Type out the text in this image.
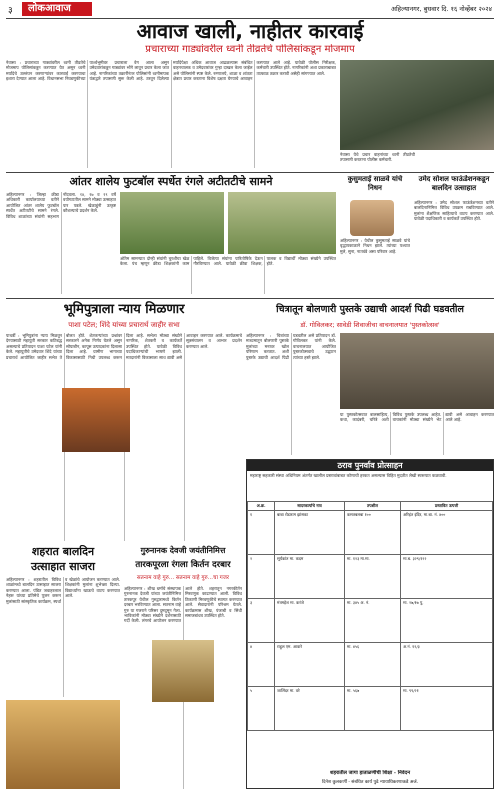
३	लोकआवाज	अहिल्यानगर, बुधवार दि. १६ नोव्हेंबर २०२४
आवाज खाली, नाहीतर कारवाई
प्रचाराच्या गाड्यांवरील ध्वनी तीव्रतेचे पोलिसांकडून मोजमाप
नेवासा : प्रचाराच्या गाड्यांवरील ध्वनी तीव्रतेचे मोजमाप पोलिसांकडून करण्यात येत असून ध्वनी मर्यादेचे उल्लंघन करणाऱ्यांवर कारवाई करण्याचा इशारा देण्यात आला आहे. विधानसभा निवडणुकीच्या पार्श्वभूमीवर प्रचाराला वेग आला असून उमेदवारांकडून गाड्यांवर भोंगे लावून प्रचार केला जात आहे. नागरिकांच्या तक्रारींनंतर पोलिसांनी ध्वनीमापक यंत्राद्वारे तपासणी सुरू केली आहे. ठरवून दिलेल्या मर्यादेपेक्षा अधिक आवाज आढळल्यास संबंधित वाहनचालक व उमेदवारांवर गुन्हा दाखल केला जाईल असे पोलिसांनी स्पष्ट केले. रुग्णालये, शाळा व शांतता क्षेत्रात प्रचार करताना विशेष दक्षता घेण्याचे आवाहन करण्यात आले आहे. यावेळी पोलीस निरीक्षक, कर्मचारी उपस्थित होते. नागरिकांनी अशा प्रकाराबाबत तात्काळ तक्रार करावी असेही सांगण्यात आले.
नेवासा येथे प्रचार वाहनांच्या ध्वनी तीव्रतेची तपासणी करताना पोलीस कर्मचारी.
आंतर शालेय फुटबॉल स्पर्धेत रंगले अटीतटीचे सामने
अहिल्यानगर : जिल्हा क्रीडा अधिकारी कार्यालयाच्या वतीने आयोजित आंतर शालेय फुटबॉल स्पर्धेत अटीतटीचे सामने रंगले. विविध शाळांच्या संघांनी सहभाग नोंदवला. १४, १७ व १९ वर्षे वयोगटातील सामने मोठ्या उत्साहात पार पडले. खेळाडूंनी उत्कृष्ट कौशल्याचे प्रदर्शन केले.
अंतिम सामन्यात दोन्ही संघांनी चुरशीचा खेळ केला. पंच म्हणून क्रीडा शिक्षकांनी काम पाहिले. विजेत्या संघांना पारितोषिके देऊन गौरविण्यात आले. यावेळी क्रीडा शिक्षक, पालक व विद्यार्थी मोठ्या संख्येने उपस्थित होते.
कुसुमताई साळवे यांचे निधन
अहिल्यानगर : येथील कुसुमताई साळवे यांचे वृद्धापकाळाने निधन झाले. त्यांच्या पश्चात मुले, सुना, नातवंडे असा परिवार आहे.
उमेद सोशल फाऊंडेशनकडून बालदिन उत्साहात
अहिल्यानगर : उमेद सोशल फाऊंडेशनच्या वतीने बालदिनानिमित्त विविध उपक्रम राबविण्यात आले. मुलांना शैक्षणिक साहित्याचे वाटप करण्यात आले. यावेळी पदाधिकारी व कार्यकर्ते उपस्थित होते.
भूमिपुत्राला न्याय मिळणार
पाशा पटेल; शिंदे यांच्या प्रचारार्थ जाहीर सभा
पाथर्डी : भूमिपुत्रांना न्याय मिळवून देण्यासाठी महायुती सरकार कटिबद्ध असल्याचे प्रतिपादन पाशा पटेल यांनी केले. महायुतीचे उमेदवार शिंदे यांच्या प्रचारार्थ आयोजित जाहीर सभेत ते बोलत होते. शेतकऱ्यांच्या प्रश्नांवर सरकारने अनेक निर्णय घेतले असून सोयाबीन, कापूस उत्पादकांना दिलासा दिला आहे. ग्रामीण भागाच्या विकासासाठी निधी उपलब्ध करून दिला आहे. सभेला मोठ्या संख्येने नागरिक, शेतकरी व कार्यकर्ते उपस्थित होते. यावेळी विविध पदाधिकाऱ्यांची भाषणे झाली. मतदारांनी विकासाला साथ द्यावी असे आवाहन करण्यात आले. कार्यक्रमाचे सूत्रसंचालन व आभार प्रदर्शन करण्यात आले.
चित्रातून बोलणारी पुस्तके उद्याची आदर्श पिढी घडवतील
डॉ. गोविलकर; सावेडी शिवाजीचा वाचनालयात 'पुस्तकोत्सव'
अहिल्यानगर : चित्रांच्या माध्यमातून बोलणारी पुस्तके मुलांच्या मनावर खोल परिणाम करतात. अशी पुस्तके उद्याची आदर्श पिढी घडवतील असे प्रतिपादन डॉ. गोविलकर यांनी केले. वाचनालयात आयोजित पुस्तकोत्सवाचे उद्घाटन त्यांच्या हस्ते झाले.
या पुस्तकोत्सवात बालसाहित्य, कथा, कादंबरी, चरित्रे अशी विविध पुस्तके उपलब्ध आहेत. वाचकांनी मोठ्या संख्येने भेट द्यावी असे आवाहन करण्यात आले आहे.
ठराव पुनर्वाव प्रोत्साहन
महाराष्ट्र सहकारी संस्था अधिनियम अंतर्गत खालील प्रस्तावांबाबत कोणाची हरकत असल्यास विहित मुदतीत लेखी स्वरूपात कळवावी.
अ.क्र.	सादरकर्त्याचे नाव	तपशील	प्रस्तावित उत्पत्ती
१	बाबा रोडाराम झांसका	कसतबलबा १००	अरिहंत इंदिर, मा.बा. नं. ४००
२	सूर्यकांत मा. कदम	मा. १२३ मा.मा.	मा.ब. ३२९/१२२
३	मंत्रमहेश मा. करंजे	मा. ३४५ अ. नं.	मा. २७/१७ पु.
४	राहुल एम. आवारे	मा. ४५६	अ.नं. १२/३
५	जालिंदर मा. वरे	मा. ५६७	मा. ९९/२१
शहरातील जागा हाताळणीची शिक्षा - निवेदन
दिनेश कुलकर्णी - संबंधित कार्य पुढे न्यायाधिकरणाकडे अर्ज.
शहरात बालदिन
उत्साहात साजरा
अहिल्यानगर : शहरातील विविध शाळांमध्ये बालदिन उत्साहात साजरा करण्यात आला. पंडित जवाहरलाल नेहरू यांच्या प्रतिमेचे पूजन करून मुलांसाठी सांस्कृतिक कार्यक्रम, स्पर्धा व खेळांचे आयोजन करण्यात आले. शिक्षकांनी मुलांना शुभेच्छा दिल्या. विद्यार्थ्यांना खाऊचे वाटप करण्यात आले.
गुरुनानक देवजी जयंतीनिमित्त
तारकपूरला रंगला किर्तन दरबार
सतनाम वाहे गुरु... सतनाम वाहे गुरु...चा गजर
अहिल्यानगर : शीख धर्माचे संस्थापक गुरुनानक देवजी यांच्या जयंतीनिमित्त तारकपूर येथील गुरुद्वारामध्ये किर्तन दरबार भरविण्यात आला. सतनाम वाहे गुरु या गजराने परिसर दुमदुमून गेला. भाविकांनी मोठ्या संख्येने दर्शनासाठी गर्दी केली. लंगरचे आयोजन करण्यात आले होते. शहरातून नगरकीर्तन मिरवणूक काढण्यात आली. विविध ठिकाणी मिरवणुकीचे स्वागत करण्यात आले. सेवादारांनी परिश्रम घेतले. कार्यक्रमास शीख, पंजाबी व सिंधी समाजबांधव उपस्थित होते.
